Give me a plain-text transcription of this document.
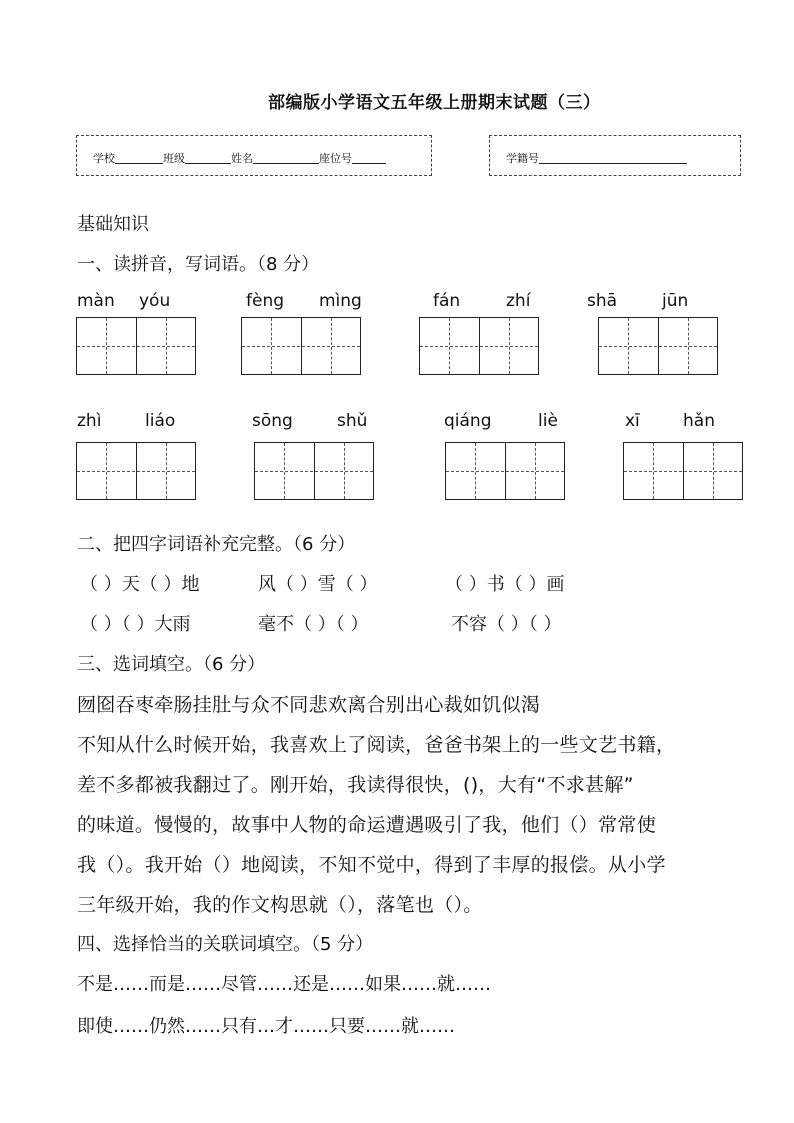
部编版小学语文五年级上册期末试题（三）
学校	班级	姓名	座位号	学籍号
基础知识
一、读拼音，写词语。（8 分）
màn yóu	fèng mìng	fán	zhí	shā	jūn
zhì	liáo	sōng	shǔ	qiáng	liè	xī	hǎn
二、把四字词语补充完整。（6 分）
（ ）天（ ）地	风（ ）雪（ ）	（ ）书（ ）画
（ ）（ ）大雨	毫不（ ）（ ）	不容（ ）（ ）
三、选词填空。（6 分）
囫囵吞枣牵肠挂肚与众不同悲欢离合别出心裁如饥似渴
不知从什么时候开始，我喜欢上了阅读，爸爸书架上的一些文艺书籍，
差不多都被我翻过了。刚开始，我读得很快，()，大有“不求甚解”
的味道。慢慢的，故事中人物的命运遭遇吸引了我，他们（）常常使
我（）。我开始（）地阅读，不知不觉中，得到了丰厚的报偿。从小学
三年级开始，我的作文构思就（），落笔也（）。
四、选择恰当的关联词填空。（5 分）
不是……而是……尽管……还是……如果……就……
即使……仍然……只有…才……只要……就……
